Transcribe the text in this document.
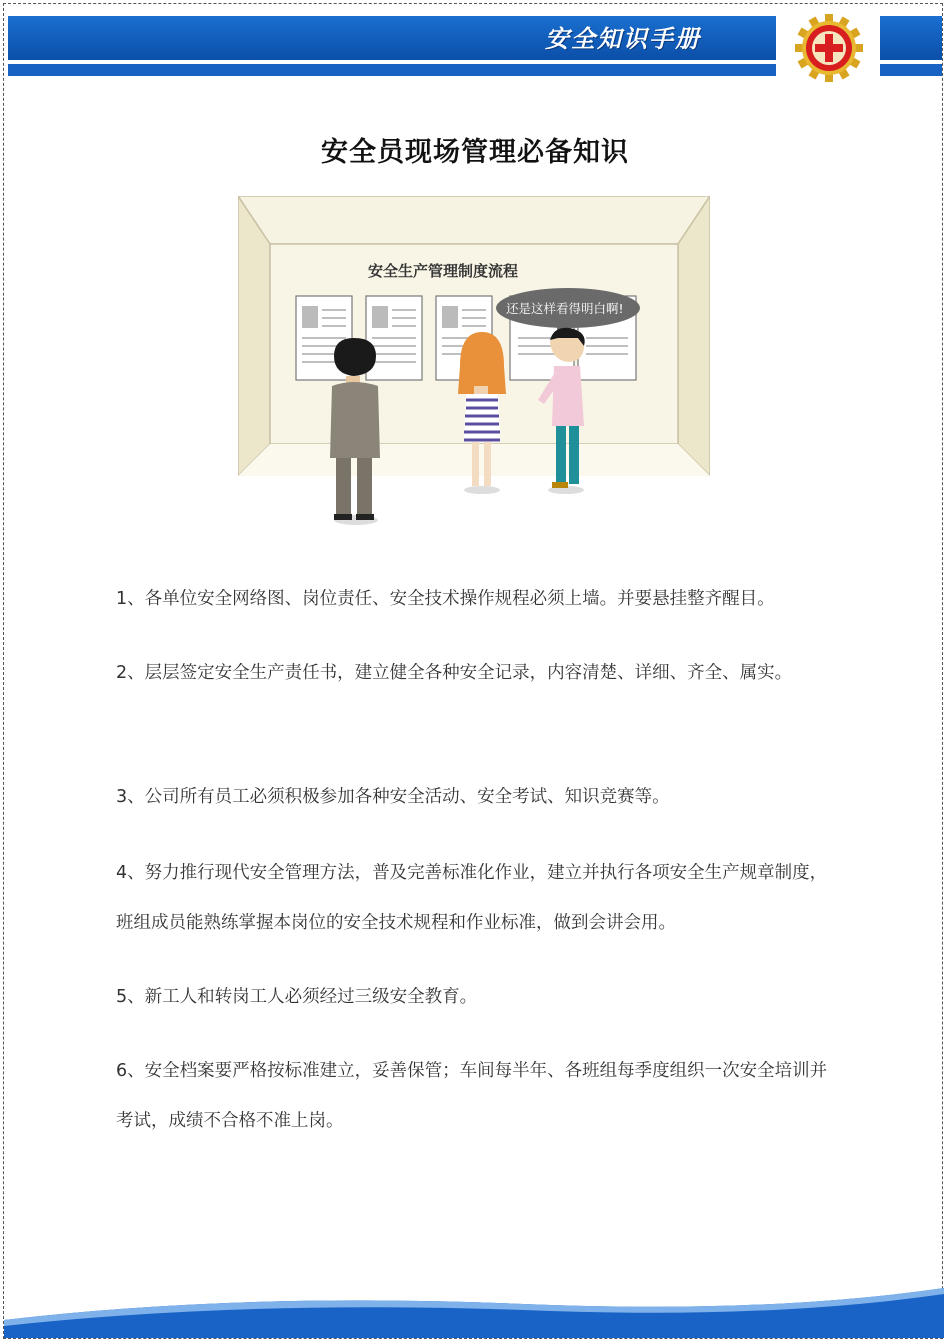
安全知识手册
安全员现场管理必备知识
安全生产管理制度流程
还是这样看得明白啊!
1、各单位安全网络图、岗位责任、安全技术操作规程必须上墙。并要悬挂整齐醒目。
2、层层签定安全生产责任书，建立健全各种安全记录，内容清楚、详细、齐全、属实。
3、公司所有员工必须积极参加各种安全活动、安全考试、知识竞赛等。
4、努力推行现代安全管理方法，普及完善标准化作业，建立并执行各项安全生产规章制度，班组成员能熟练掌握本岗位的安全技术规程和作业标准，做到会讲会用。
5、新工人和转岗工人必须经过三级安全教育。
6、安全档案要严格按标准建立，妥善保管；车间每半年、各班组每季度组织一次安全培训并考试，成绩不合格不准上岗。
